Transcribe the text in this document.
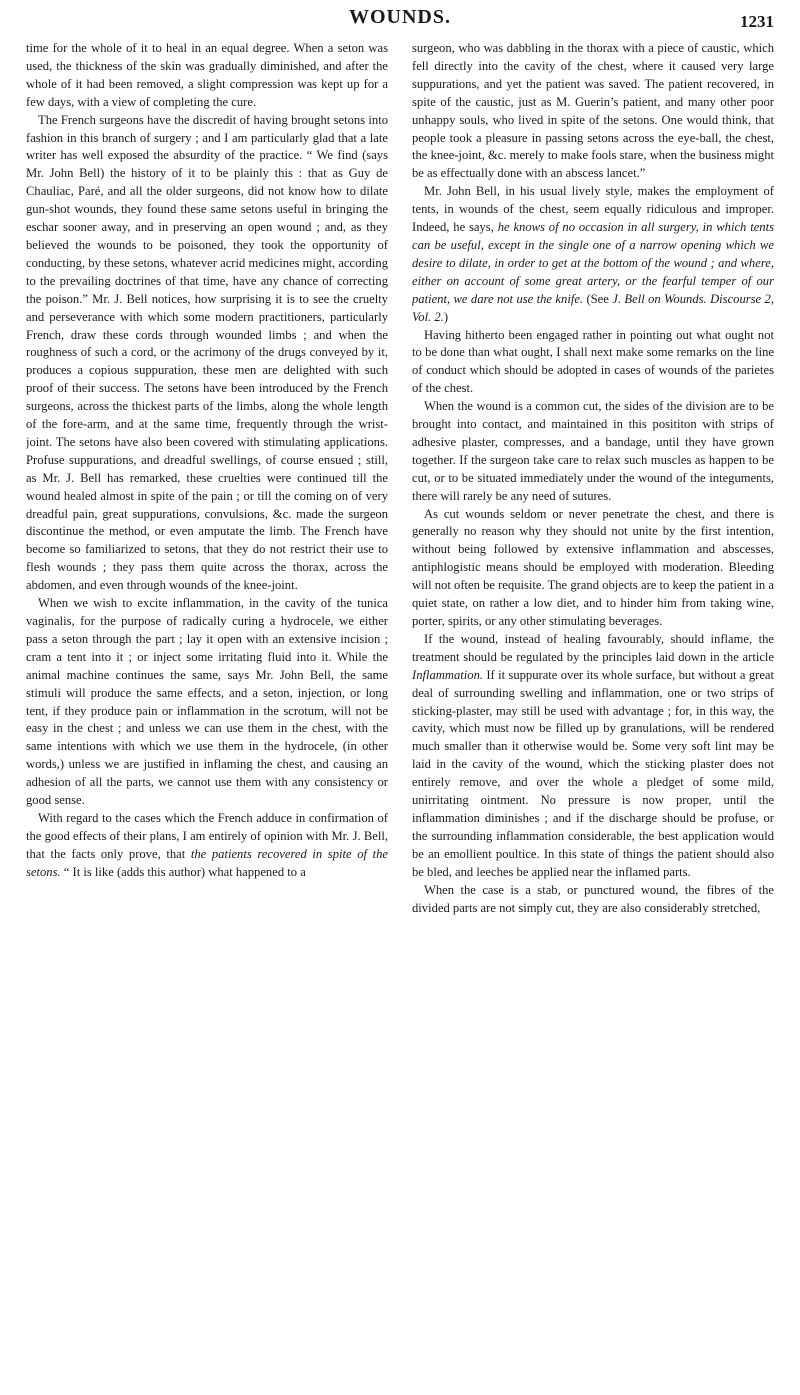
WOUNDS.	1231

time for the whole of it to heal in an equal degree. When a seton was used, the thickness of the skin was gradually diminished, and after the whole of it had been removed, a slight compression was kept up for a few days, with a view of completing the cure.

The French surgeons have the discredit of having brought setons into fashion in this branch of surgery ; and I am particularly glad that a late writer has well exposed the absurdity of the practice. “ We find (says Mr. John Bell) the history of it to be plainly this : that as Guy de Chauliac, Paré, and all the older surgeons, did not know how to dilate gun-shot wounds, they found these same setons useful in bringing the eschar sooner away, and in preserving an open wound ; and, as they believed the wounds to be poisoned, they took the opportunity of conducting, by these setons, whatever acrid medicines might, according to the prevailing doctrines of that time, have any chance of correcting the poison.” Mr. J. Bell notices, how surprising it is to see the cruelty and perseverance with which some modern practitioners, particularly French, draw these cords through wounded limbs ; and when the roughness of such a cord, or the acrimony of the drugs conveyed by it, produces a copious suppuration, these men are delighted with such proof of their success. The setons have been introduced by the French surgeons, across the thickest parts of the limbs, along the whole length of the fore-arm, and at the same time, frequently through the wrist-joint. The setons have also been covered with stimulating applications. Profuse suppurations, and dreadful swellings, of course ensued ; still, as Mr. J. Bell has remarked, these cruelties were continued till the wound healed almost in spite of the pain ; or till the coming on of very dreadful pain, great suppurations, convulsions, &c. made the surgeon discontinue the method, or even amputate the limb. The French have become so familiarized to setons, that they do not restrict their use to flesh wounds ; they pass them quite across the thorax, across the abdomen, and even through wounds of the knee-joint.

When we wish to excite inflammation, in the cavity of the tunica vaginalis, for the purpose of radically curing a hydrocele, we either pass a seton through the part ; lay it open with an extensive incision ; cram a tent into it ; or inject some irritating fluid into it. While the animal machine continues the same, says Mr. John Bell, the same stimuli will produce the same effects, and a seton, injection, or long tent, if they produce pain or inflammation in the scrotum, will not be easy in the chest ; and unless we can use them in the chest, with the same intentions with which we use them in the hydrocele, (in other words,) unless we are justified in inflaming the chest, and causing an adhesion of all the parts, we cannot use them with any consistency or good sense.

With regard to the cases which the French adduce in confirmation of the good effects of their plans, I am entirely of opinion with Mr. J. Bell, that the facts only prove, that the patients recovered in spite of the setons. “ It is like (adds this author) what happened to a

surgeon, who was dabbling in the thorax with a piece of caustic, which fell directly into the cavity of the chest, where it caused very large suppurations, and yet the patient was saved. The patient recovered, in spite of the caustic, just as M. Guerin’s patient, and many other poor unhappy souls, who lived in spite of the setons. One would think, that people took a pleasure in passing setons across the eye-ball, the chest, the knee-joint, &c. merely to make fools stare, when the business might be as effectually done with an abscess lancet.”

Mr. John Bell, in his usual lively style, makes the employment of tents, in wounds of the chest, seem equally ridiculous and improper. Indeed, he says, he knows of no occasion in all surgery, in which tents can be useful, except in the single one of a narrow opening which we desire to dilate, in order to get at the bottom of the wound ; and where, either on account of some great artery, or the fearful temper of our patient, we dare not use the knife. (See J. Bell on Wounds. Discourse 2, Vol. 2.)

Having hitherto been engaged rather in pointing out what ought not to be done than what ought, I shall next make some remarks on the line of conduct which should be adopted in cases of wounds of the parietes of the chest.

When the wound is a common cut, the sides of the division are to be brought into contact, and maintained in this posititon with strips of adhesive plaster, compresses, and a bandage, until they have grown together. If the surgeon take care to relax such muscles as happen to be cut, or to be situated immediately under the wound of the integuments, there will rarely be any need of sutures.

As cut wounds seldom or never penetrate the chest, and there is generally no reason why they should not unite by the first intention, without being followed by extensive inflammation and abscesses, antiphlogistic means should be employed with moderation. Bleeding will not often be requisite. The grand objects are to keep the patient in a quiet state, on rather a low diet, and to hinder him from taking wine, porter, spirits, or any other stimulating beverages.

If the wound, instead of healing favourably, should inflame, the treatment should be regulated by the principles laid down in the article Inflammation. If it suppurate over its whole surface, but without a great deal of surrounding swelling and inflammation, one or two strips of sticking-plaster, may still be used with advantage ; for, in this way, the cavity, which must now be filled up by granulations, will be rendered much smaller than it otherwise would be. Some very soft lint may be laid in the cavity of the wound, which the sticking plaster does not entirely remove, and over the whole a pledget of some mild, unirritating ointment. No pressure is now proper, until the inflammation diminishes ; and if the discharge should be profuse, or the surrounding inflammation considerable, the best application would be an emollient poultice. In this state of things the patient should also be bled, and leeches be applied near the inflamed parts.

When the case is a stab, or punctured wound, the fibres of the divided parts are not simply cut, they are also considerably stretched,
